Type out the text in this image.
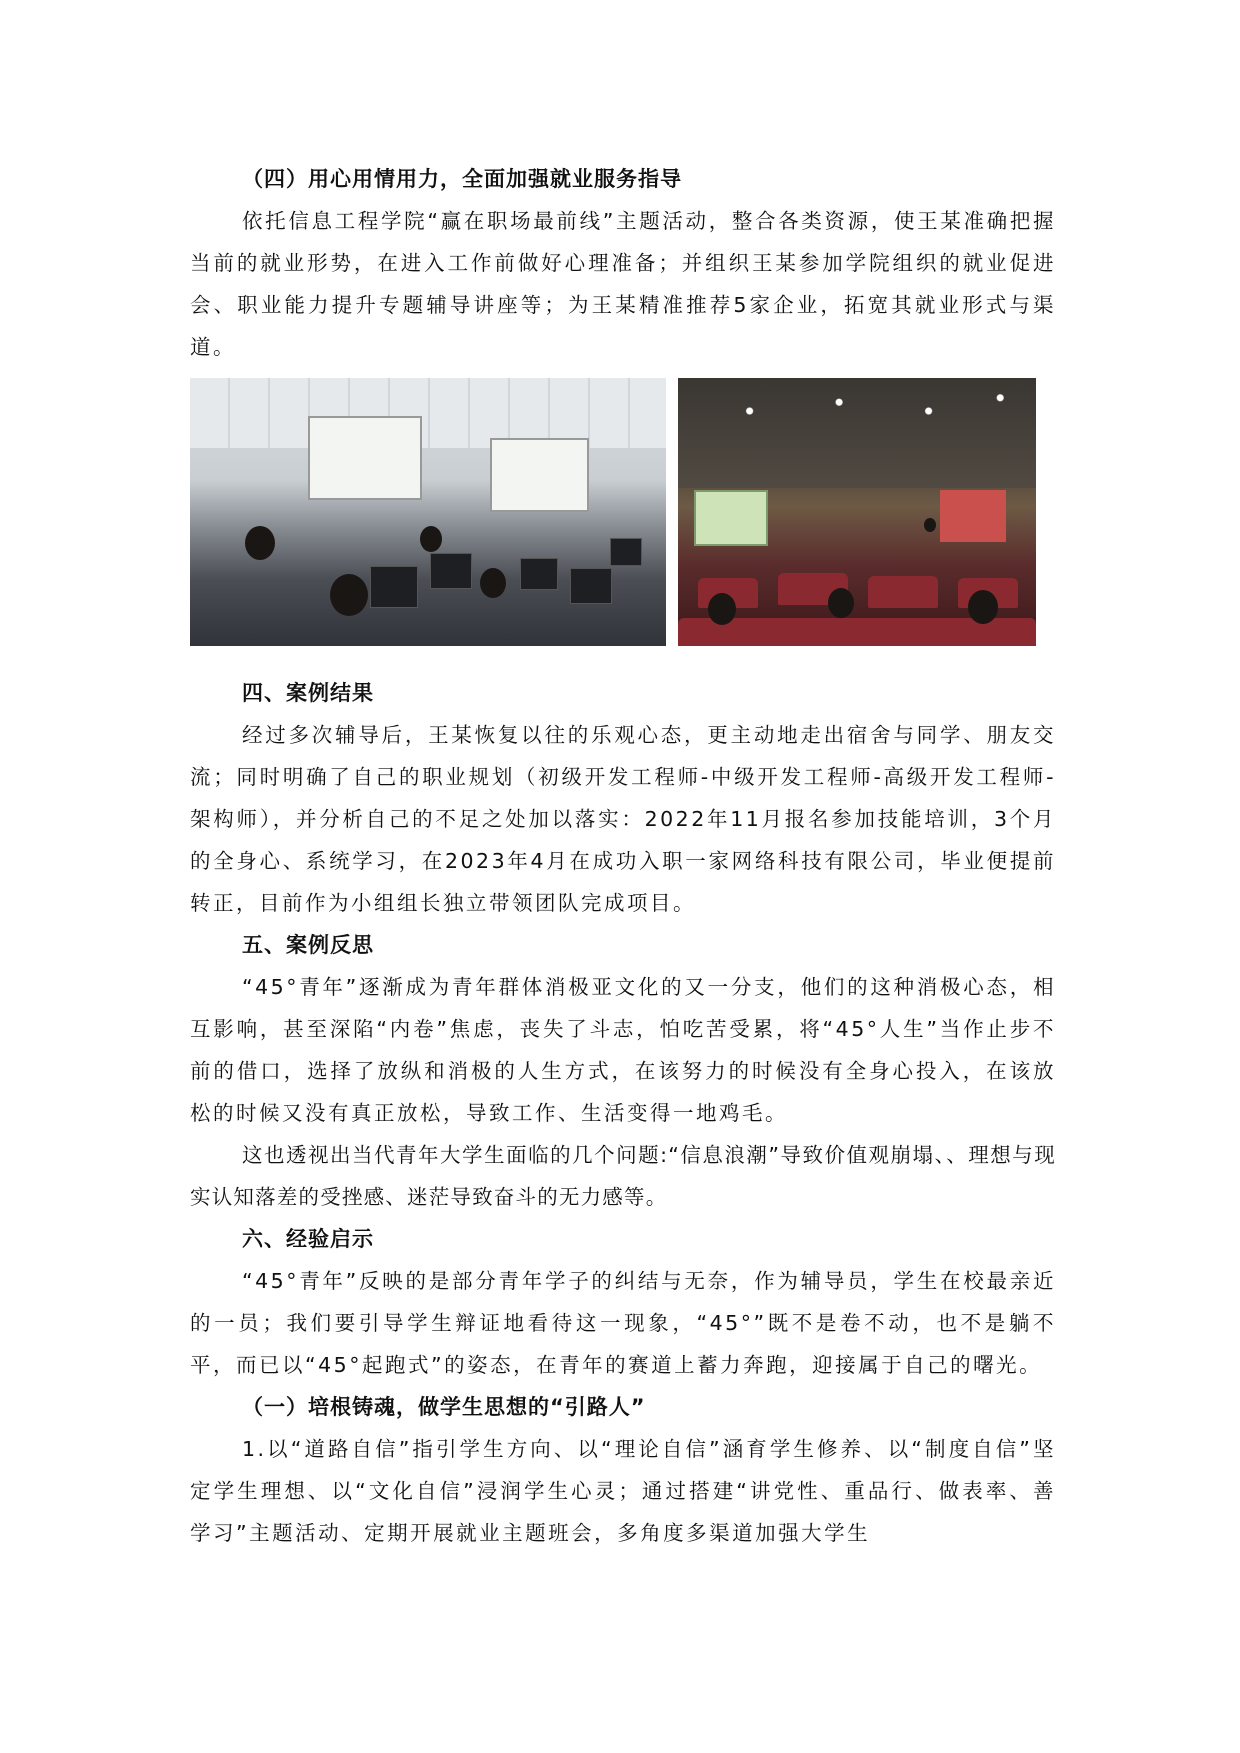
（四）用心用情用力，全面加强就业服务指导

依托信息工程学院“赢在职场最前线”主题活动，整合各类资源，使王某准确把握当前的就业形势，在进入工作前做好心理准备；并组织王某参加学院组织的就业促进会、职业能力提升专题辅导讲座等；为王某精准推荐5家企业，拓宽其就业形式与渠道。

四、案例结果

经过多次辅导后，王某恢复以往的乐观心态，更主动地走出宿舍与同学、朋友交流；同时明确了自己的职业规划（初级开发工程师-中级开发工程师-高级开发工程师-架构师），并分析自己的不足之处加以落实：2022年11月报名参加技能培训，3个月的全身心、系统学习，在2023年4月在成功入职一家网络科技有限公司，毕业便提前转正，目前作为小组组长独立带领团队完成项目。

五、案例反思

“45°青年”逐渐成为青年群体消极亚文化的又一分支，他们的这种消极心态，相互影响，甚至深陷“内卷”焦虑，丧失了斗志，怕吃苦受累，将“45°人生”当作止步不前的借口，选择了放纵和消极的人生方式，在该努力的时候没有全身心投入，在该放松的时候又没有真正放松，导致工作、生活变得一地鸡毛。

这也透视出当代青年大学生面临的几个问题:“信息浪潮”导致价值观崩塌、、理想与现实认知落差的受挫感、迷茫导致奋斗的无力感等。

六、经验启示

“45°青年”反映的是部分青年学子的纠结与无奈，作为辅导员，学生在校最亲近的一员；我们要引导学生辩证地看待这一现象，“45°”既不是卷不动，也不是躺不平，而已以“45°起跑式”的姿态，在青年的赛道上蓄力奔跑，迎接属于自己的曙光。

（一）培根铸魂，做学生思想的“引路人”

1.以“道路自信”指引学生方向、以“理论自信”涵育学生修养、以“制度自信”坚定学生理想、以“文化自信”浸润学生心灵；通过搭建“讲党性、重品行、做表率、善学习”主题活动、定期开展就业主题班会，多角度多渠道加强大学生
